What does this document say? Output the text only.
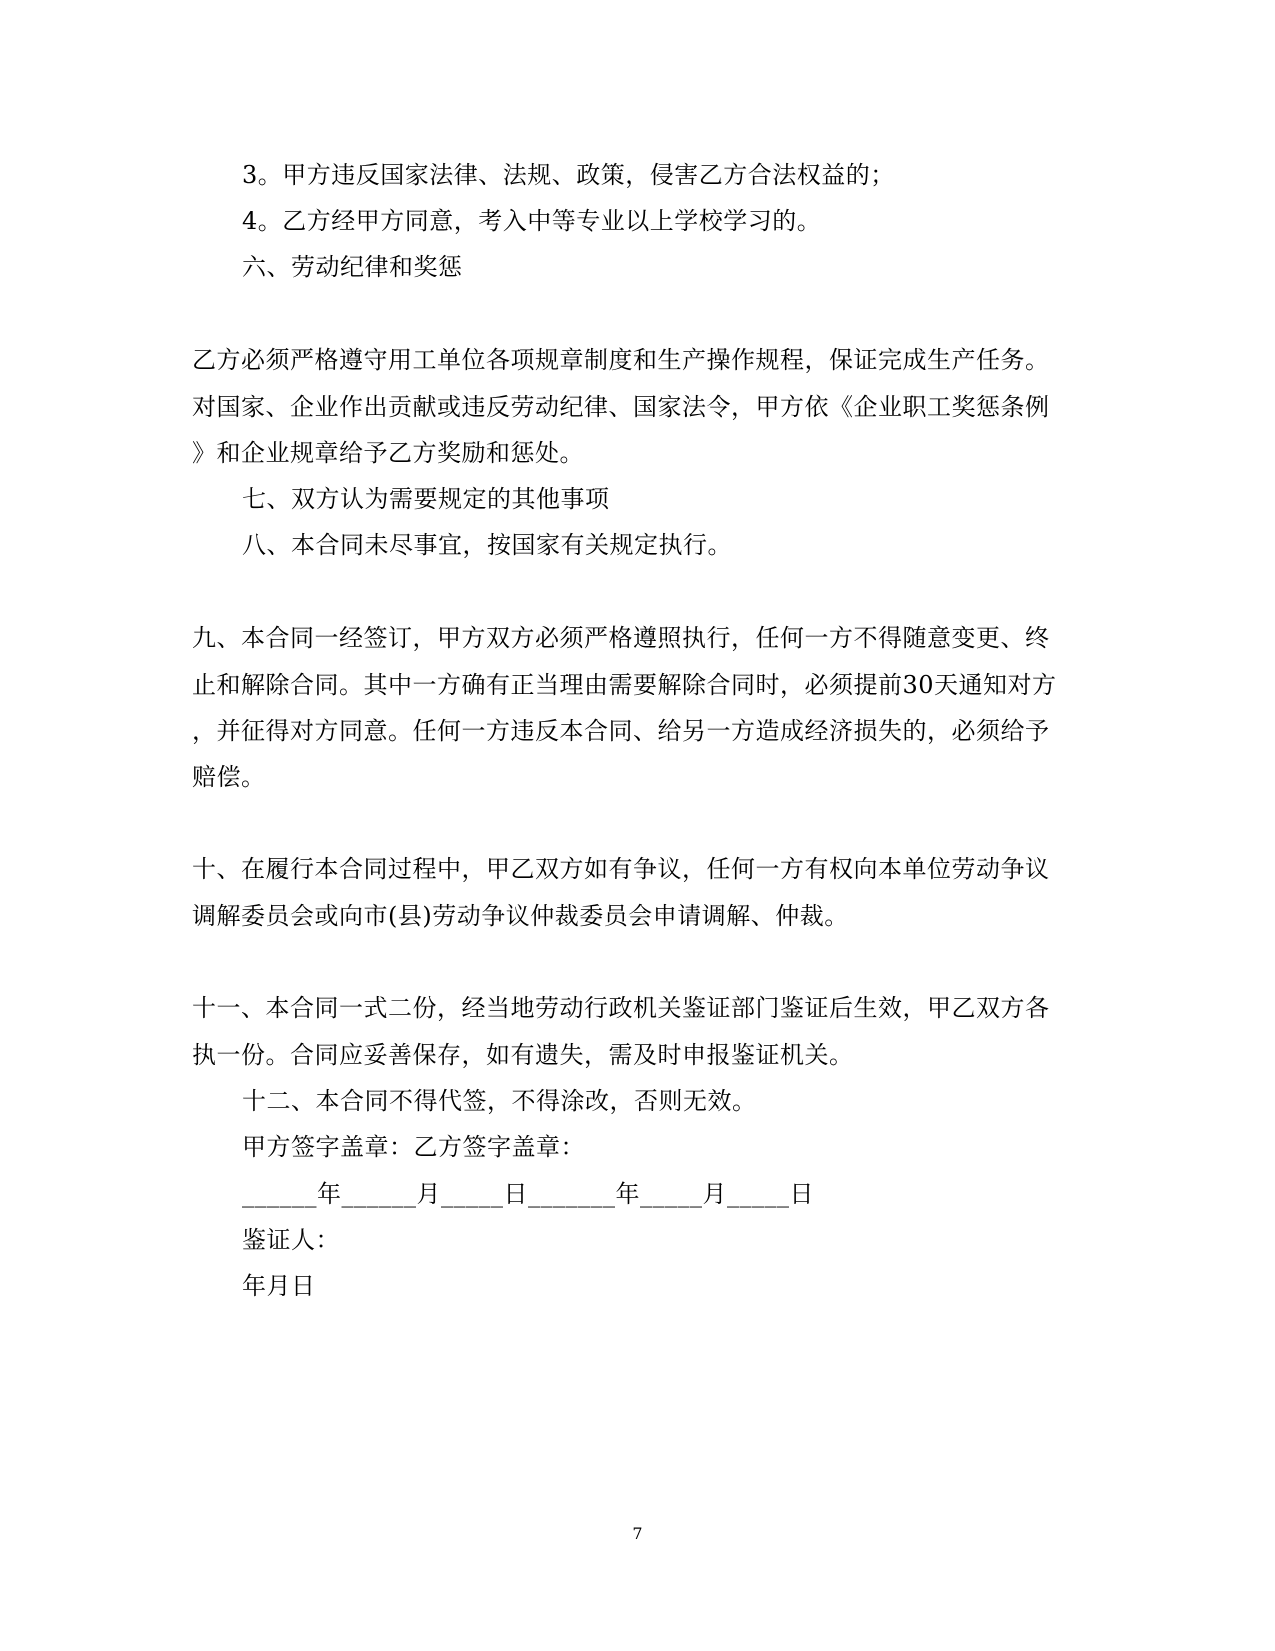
3。甲方违反国家法律、法规、政策，侵害乙方合法权益的；
4。乙方经甲方同意，考入中等专业以上学校学习的。
六、劳动纪律和奖惩
乙方必须严格遵守用工单位各项规章制度和生产操作规程，保证完成生产任务。
对国家、企业作出贡献或违反劳动纪律、国家法令，甲方依《企业职工奖惩条例
》和企业规章给予乙方奖励和惩处。
七、双方认为需要规定的其他事项
八、本合同未尽事宜，按国家有关规定执行。
九、本合同一经签订，甲方双方必须严格遵照执行，任何一方不得随意变更、终
止和解除合同。其中一方确有正当理由需要解除合同时，必须提前30天通知对方
，并征得对方同意。任何一方违反本合同、给另一方造成经济损失的，必须给予
赔偿。
十、在履行本合同过程中，甲乙双方如有争议，任何一方有权向本单位劳动争议
调解委员会或向市(县)劳动争议仲裁委员会申请调解、仲裁。
十一、本合同一式二份，经当地劳动行政机关鉴证部门鉴证后生效，甲乙双方各
执一份。合同应妥善保存，如有遗失，需及时申报鉴证机关。
十二、本合同不得代签，不得涂改，否则无效。
甲方签字盖章：乙方签字盖章：
______年______月_____日_______年_____月_____日
鉴证人：
年月日
7
